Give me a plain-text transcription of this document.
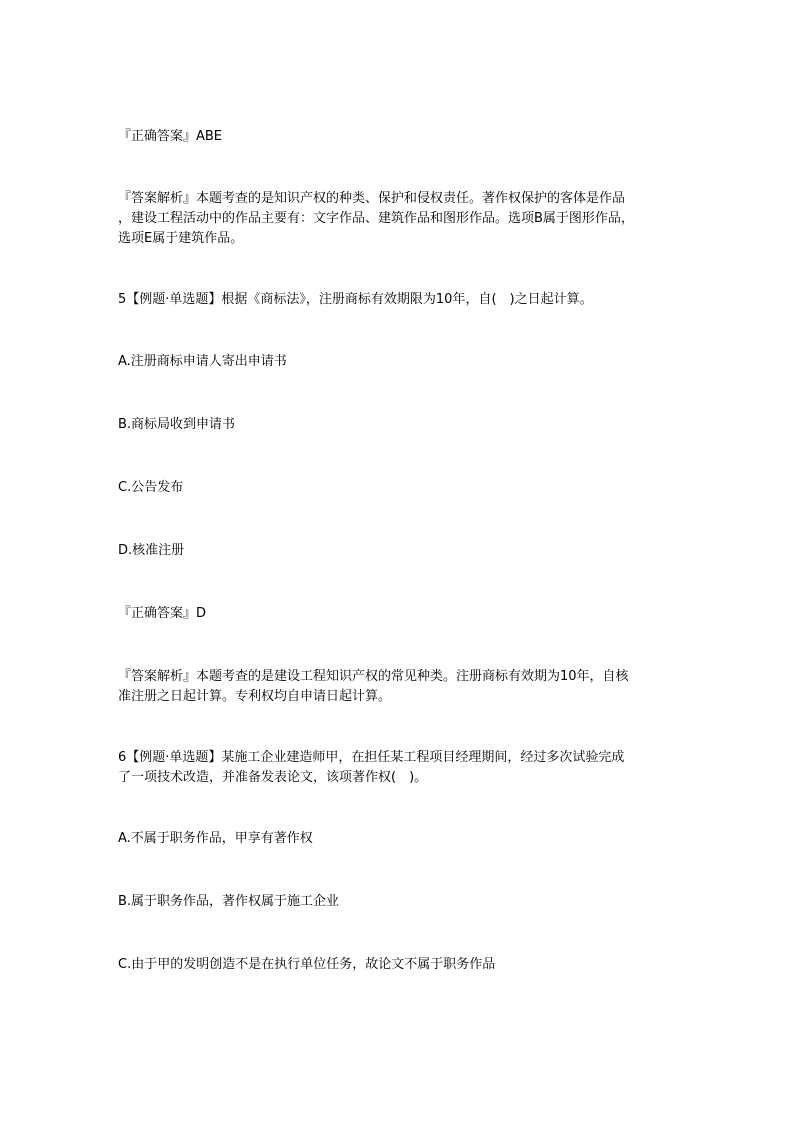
『正确答案』ABE
『答案解析』本题考查的是知识产权的种类、保护和侵权责任。著作权保护的客体是作品
，建设工程活动中的作品主要有：文字作品、建筑作品和图形作品。选项B属于图形作品，
选项E属于建筑作品。
5【例题·单选题】根据《商标法》，注册商标有效期限为10年，自(　)之日起计算。
A.注册商标申请人寄出申请书
B.商标局收到申请书
C.公告发布
D.核准注册
『正确答案』D
『答案解析』本题考查的是建设工程知识产权的常见种类。注册商标有效期为10年，自核
准注册之日起计算。专利权均自申请日起计算。
6【例题·单选题】某施工企业建造师甲，在担任某工程项目经理期间，经过多次试验完成
了一项技术改造，并准备发表论文，该项著作权(　)。
A.不属于职务作品，甲享有著作权
B.属于职务作品，著作权属于施工企业
C.由于甲的发明创造不是在执行单位任务，故论文不属于职务作品
